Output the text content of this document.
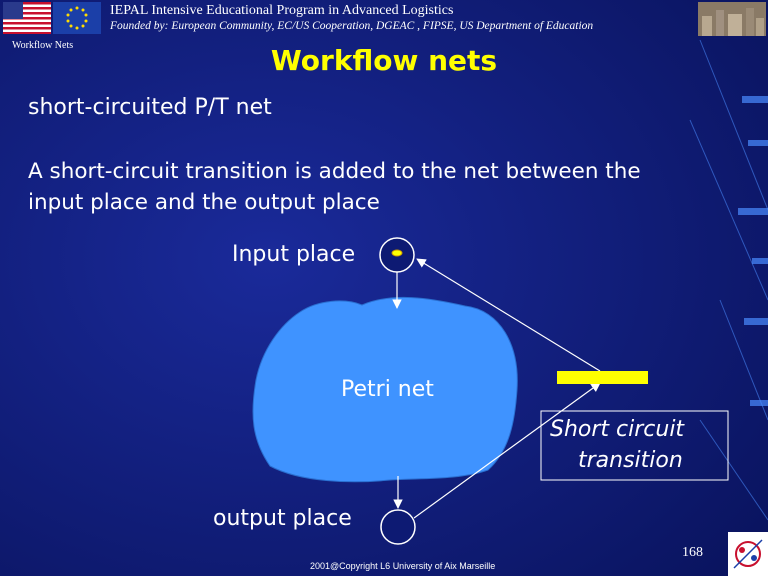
IEPAL Intensive Educational Program in Advanced Logistics
Founded by: European Community, EC/US Cooperation, DGEAC , FIPSE, US Department of Education
Workflow Nets	Workflow nets
short-circuited P/T net
A short-circuit transition is added to the net between the
input place and the output place
Input place
Petri net
output place
Short circuit
transition
168
2001@Copyright L6 University of Aix Marseille
